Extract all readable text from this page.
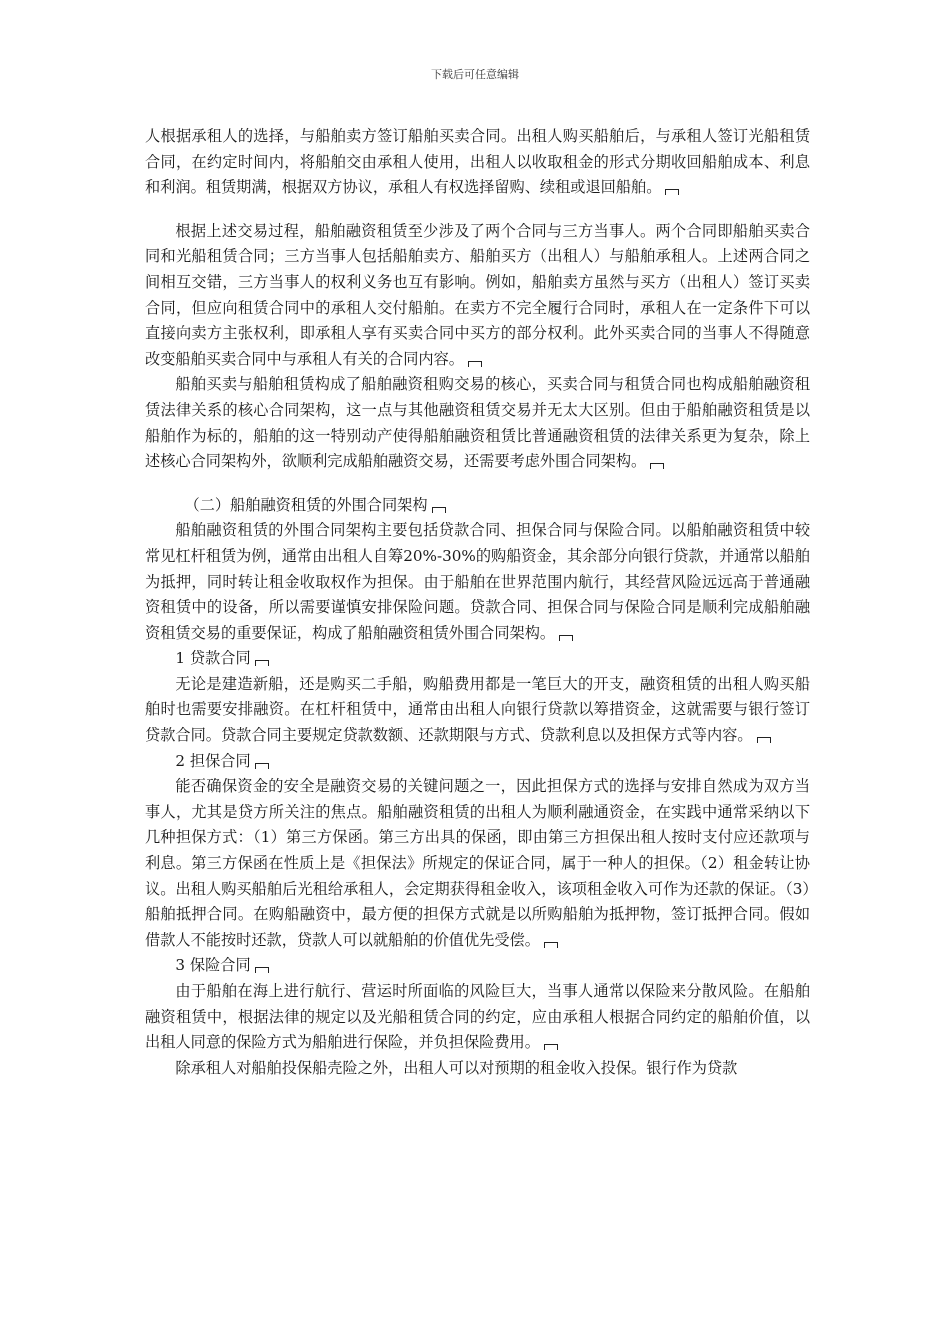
下载后可任意编辑

人根据承租人的选择，与船舶卖方签订船舶买卖合同。出租人购买船舶后，与承租人签订光船租赁合同，在约定时间内，将船舶交由承租人使用，出租人以收取租金的形式分期收回船舶成本、利息和利润。租赁期满，根据双方协议，承租人有权选择留购、续租或退回船舶。

根据上述交易过程，船舶融资租赁至少涉及了两个合同与三方当事人。两个合同即船舶买卖合同和光船租赁合同；三方当事人包括船舶卖方、船舶买方（出租人）与船舶承租人。上述两合同之间相互交错，三方当事人的权利义务也互有影响。例如，船舶卖方虽然与买方（出租人）签订买卖合同，但应向租赁合同中的承租人交付船舶。在卖方不完全履行合同时，承租人在一定条件下可以直接向卖方主张权利，即承租人享有买卖合同中买方的部分权利。此外买卖合同的当事人不得随意改变船舶买卖合同中与承租人有关的合同内容。

船舶买卖与船舶租赁构成了船舶融资租购交易的核心，买卖合同与租赁合同也构成船舶融资租赁法律关系的核心合同架构，这一点与其他融资租赁交易并无太大区别。但由于船舶融资租赁是以船舶作为标的，船舶的这一特别动产使得船舶融资租赁比普通融资租赁的法律关系更为复杂，除上述核心合同架构外，欲顺利完成船舶融资交易，还需要考虑外围合同架构。

（二）船舶融资租赁的外围合同架构

船舶融资租赁的外围合同架构主要包括贷款合同、担保合同与保险合同。以船舶融资租赁中较常见杠杆租赁为例，通常由出租人自筹20%-30%的购船资金，其余部分向银行贷款，并通常以船舶为抵押，同时转让租金收取权作为担保。由于船舶在世界范围内航行，其经营风险远远高于普通融资租赁中的设备，所以需要谨慎安排保险问题。贷款合同、担保合同与保险合同是顺利完成船舶融资租赁交易的重要保证，构成了船舶融资租赁外围合同架构。

1 贷款合同

无论是建造新船，还是购买二手船，购船费用都是一笔巨大的开支，融资租赁的出租人购买船舶时也需要安排融资。在杠杆租赁中，通常由出租人向银行贷款以筹措资金，这就需要与银行签订贷款合同。贷款合同主要规定贷款数额、还款期限与方式、贷款利息以及担保方式等内容。

2 担保合同

能否确保资金的安全是融资交易的关键问题之一，因此担保方式的选择与安排自然成为双方当事人，尤其是贷方所关注的焦点。船舶融资租赁的出租人为顺利融通资金，在实践中通常采纳以下几种担保方式：（1）第三方保函。第三方出具的保函，即由第三方担保出租人按时支付应还款项与利息。第三方保函在性质上是《担保法》所规定的保证合同，属于一种人的担保。（2）租金转让协议。出租人购买船舶后光租给承租人，会定期获得租金收入，该项租金收入可作为还款的保证。（3）船舶抵押合同。在购船融资中，最方便的担保方式就是以所购船舶为抵押物，签订抵押合同。假如借款人不能按时还款，贷款人可以就船舶的价值优先受偿。

3 保险合同

由于船舶在海上进行航行、营运时所面临的风险巨大，当事人通常以保险来分散风险。在船舶融资租赁中，根据法律的规定以及光船租赁合同的约定，应由承租人根据合同约定的船舶价值，以出租人同意的保险方式为船舶进行保险，并负担保险费用。

除承租人对船舶投保船壳险之外，出租人可以对预期的租金收入投保。银行作为贷款
